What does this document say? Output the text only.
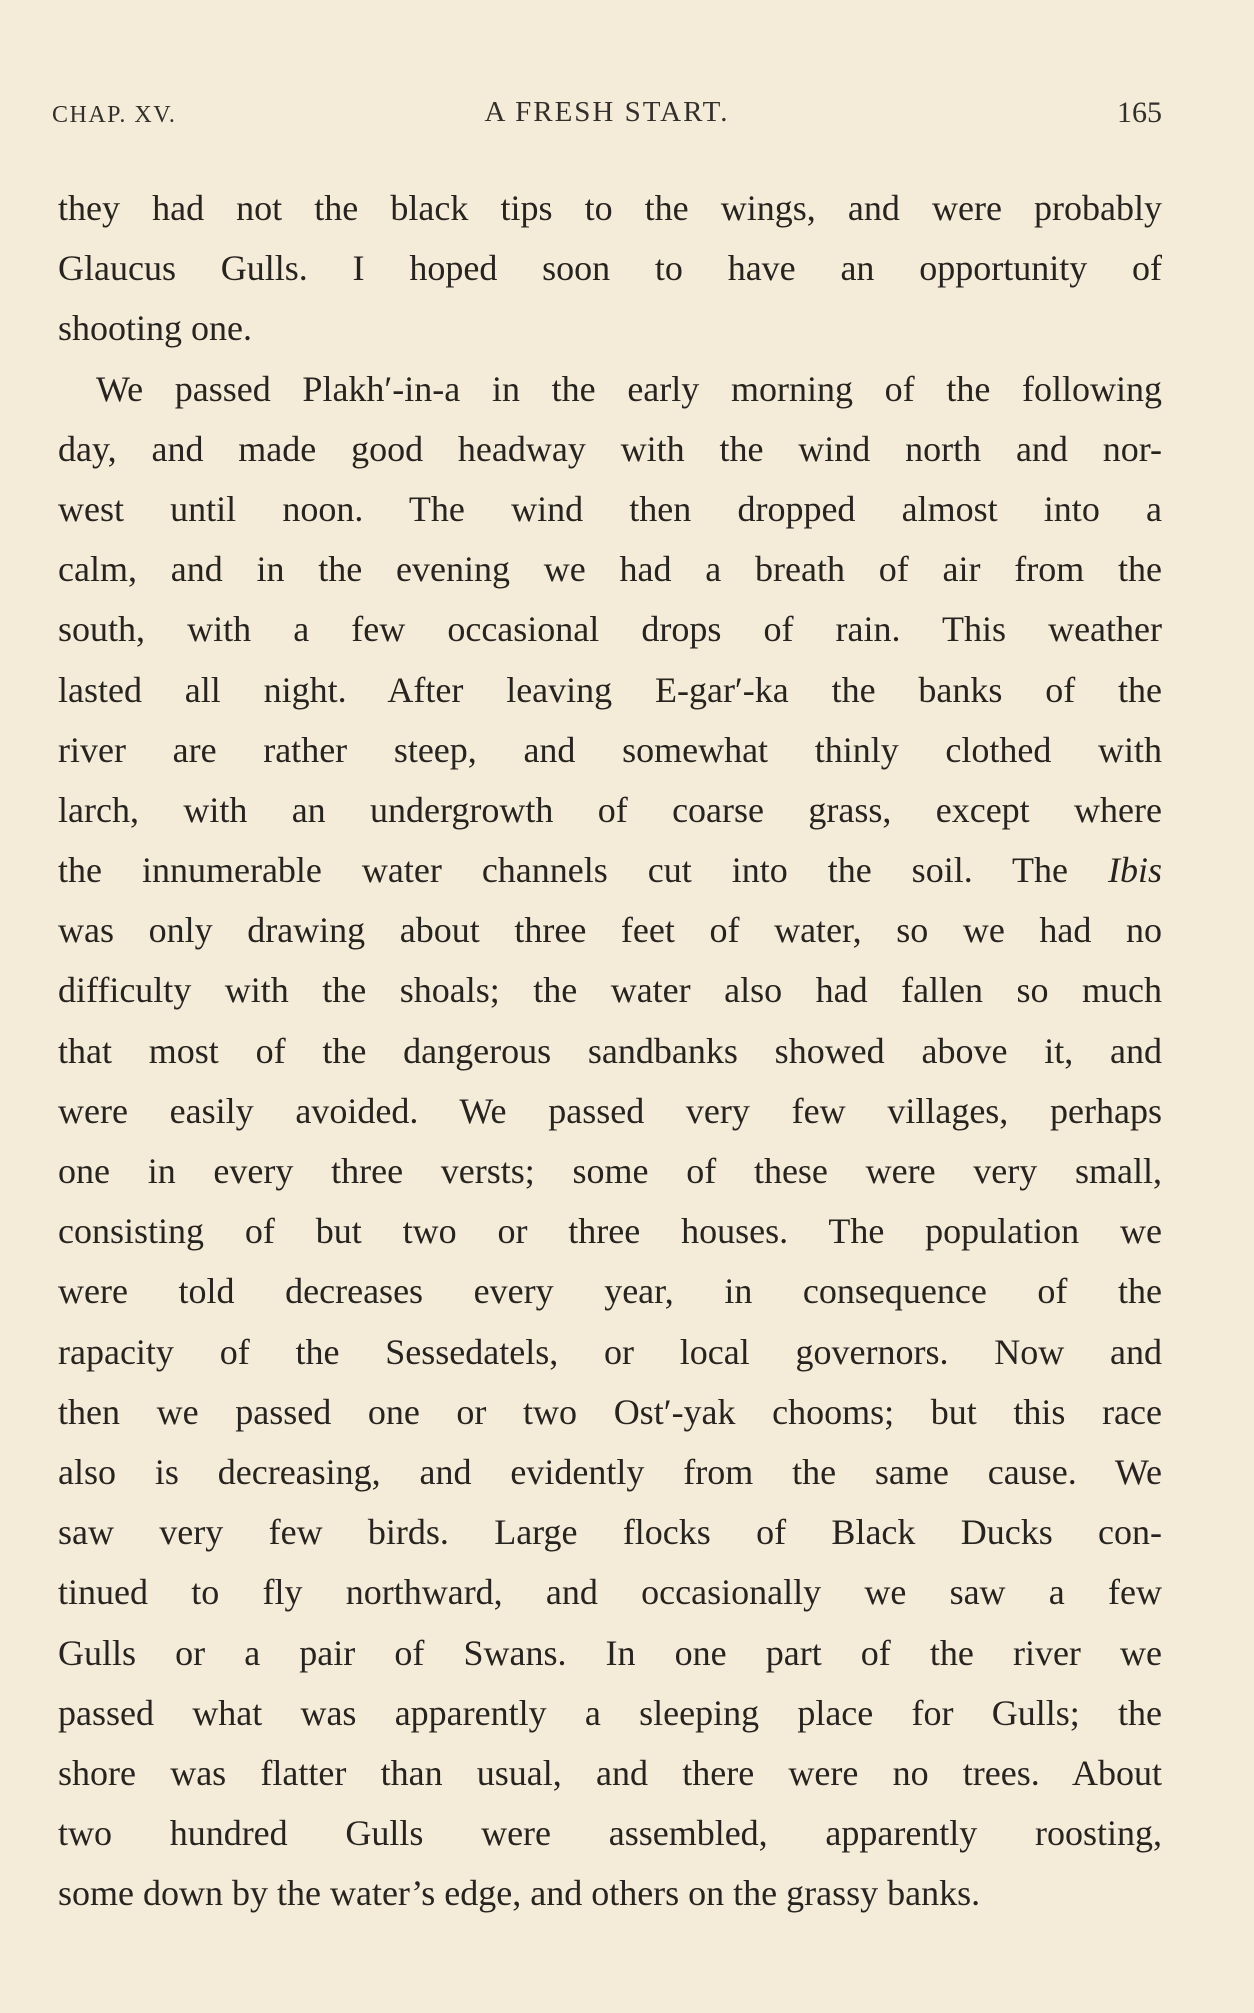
CHAP. XV.	A FRESH START.	165
they had not the black tips to the wings, and were probably
Glaucus Gulls. I hoped soon to have an opportunity of
shooting one.
We passed Plakh′-in-a in the early morning of the following
day, and made good headway with the wind north and nor-
west until noon. The wind then dropped almost into a
calm, and in the evening we had a breath of air from the
south, with a few occasional drops of rain. This weather
lasted all night. After leaving E-gar′-ka the banks of the
river are rather steep, and somewhat thinly clothed with
larch, with an undergrowth of coarse grass, except where
the innumerable water channels cut into the soil. The Ibis
was only drawing about three feet of water, so we had no
difficulty with the shoals; the water also had fallen so much
that most of the dangerous sandbanks showed above it, and
were easily avoided. We passed very few villages, perhaps
one in every three versts; some of these were very small,
consisting of but two or three houses. The population we
were told decreases every year, in consequence of the
rapacity of the Sessedatels, or local governors. Now and
then we passed one or two Ost′-yak chooms; but this race
also is decreasing, and evidently from the same cause. We
saw very few birds. Large flocks of Black Ducks con-
tinued to fly northward, and occasionally we saw a few
Gulls or a pair of Swans. In one part of the river we
passed what was apparently a sleeping place for Gulls; the
shore was flatter than usual, and there were no trees. About
two hundred Gulls were assembled, apparently roosting,
some down by the water’s edge, and others on the grassy banks.
